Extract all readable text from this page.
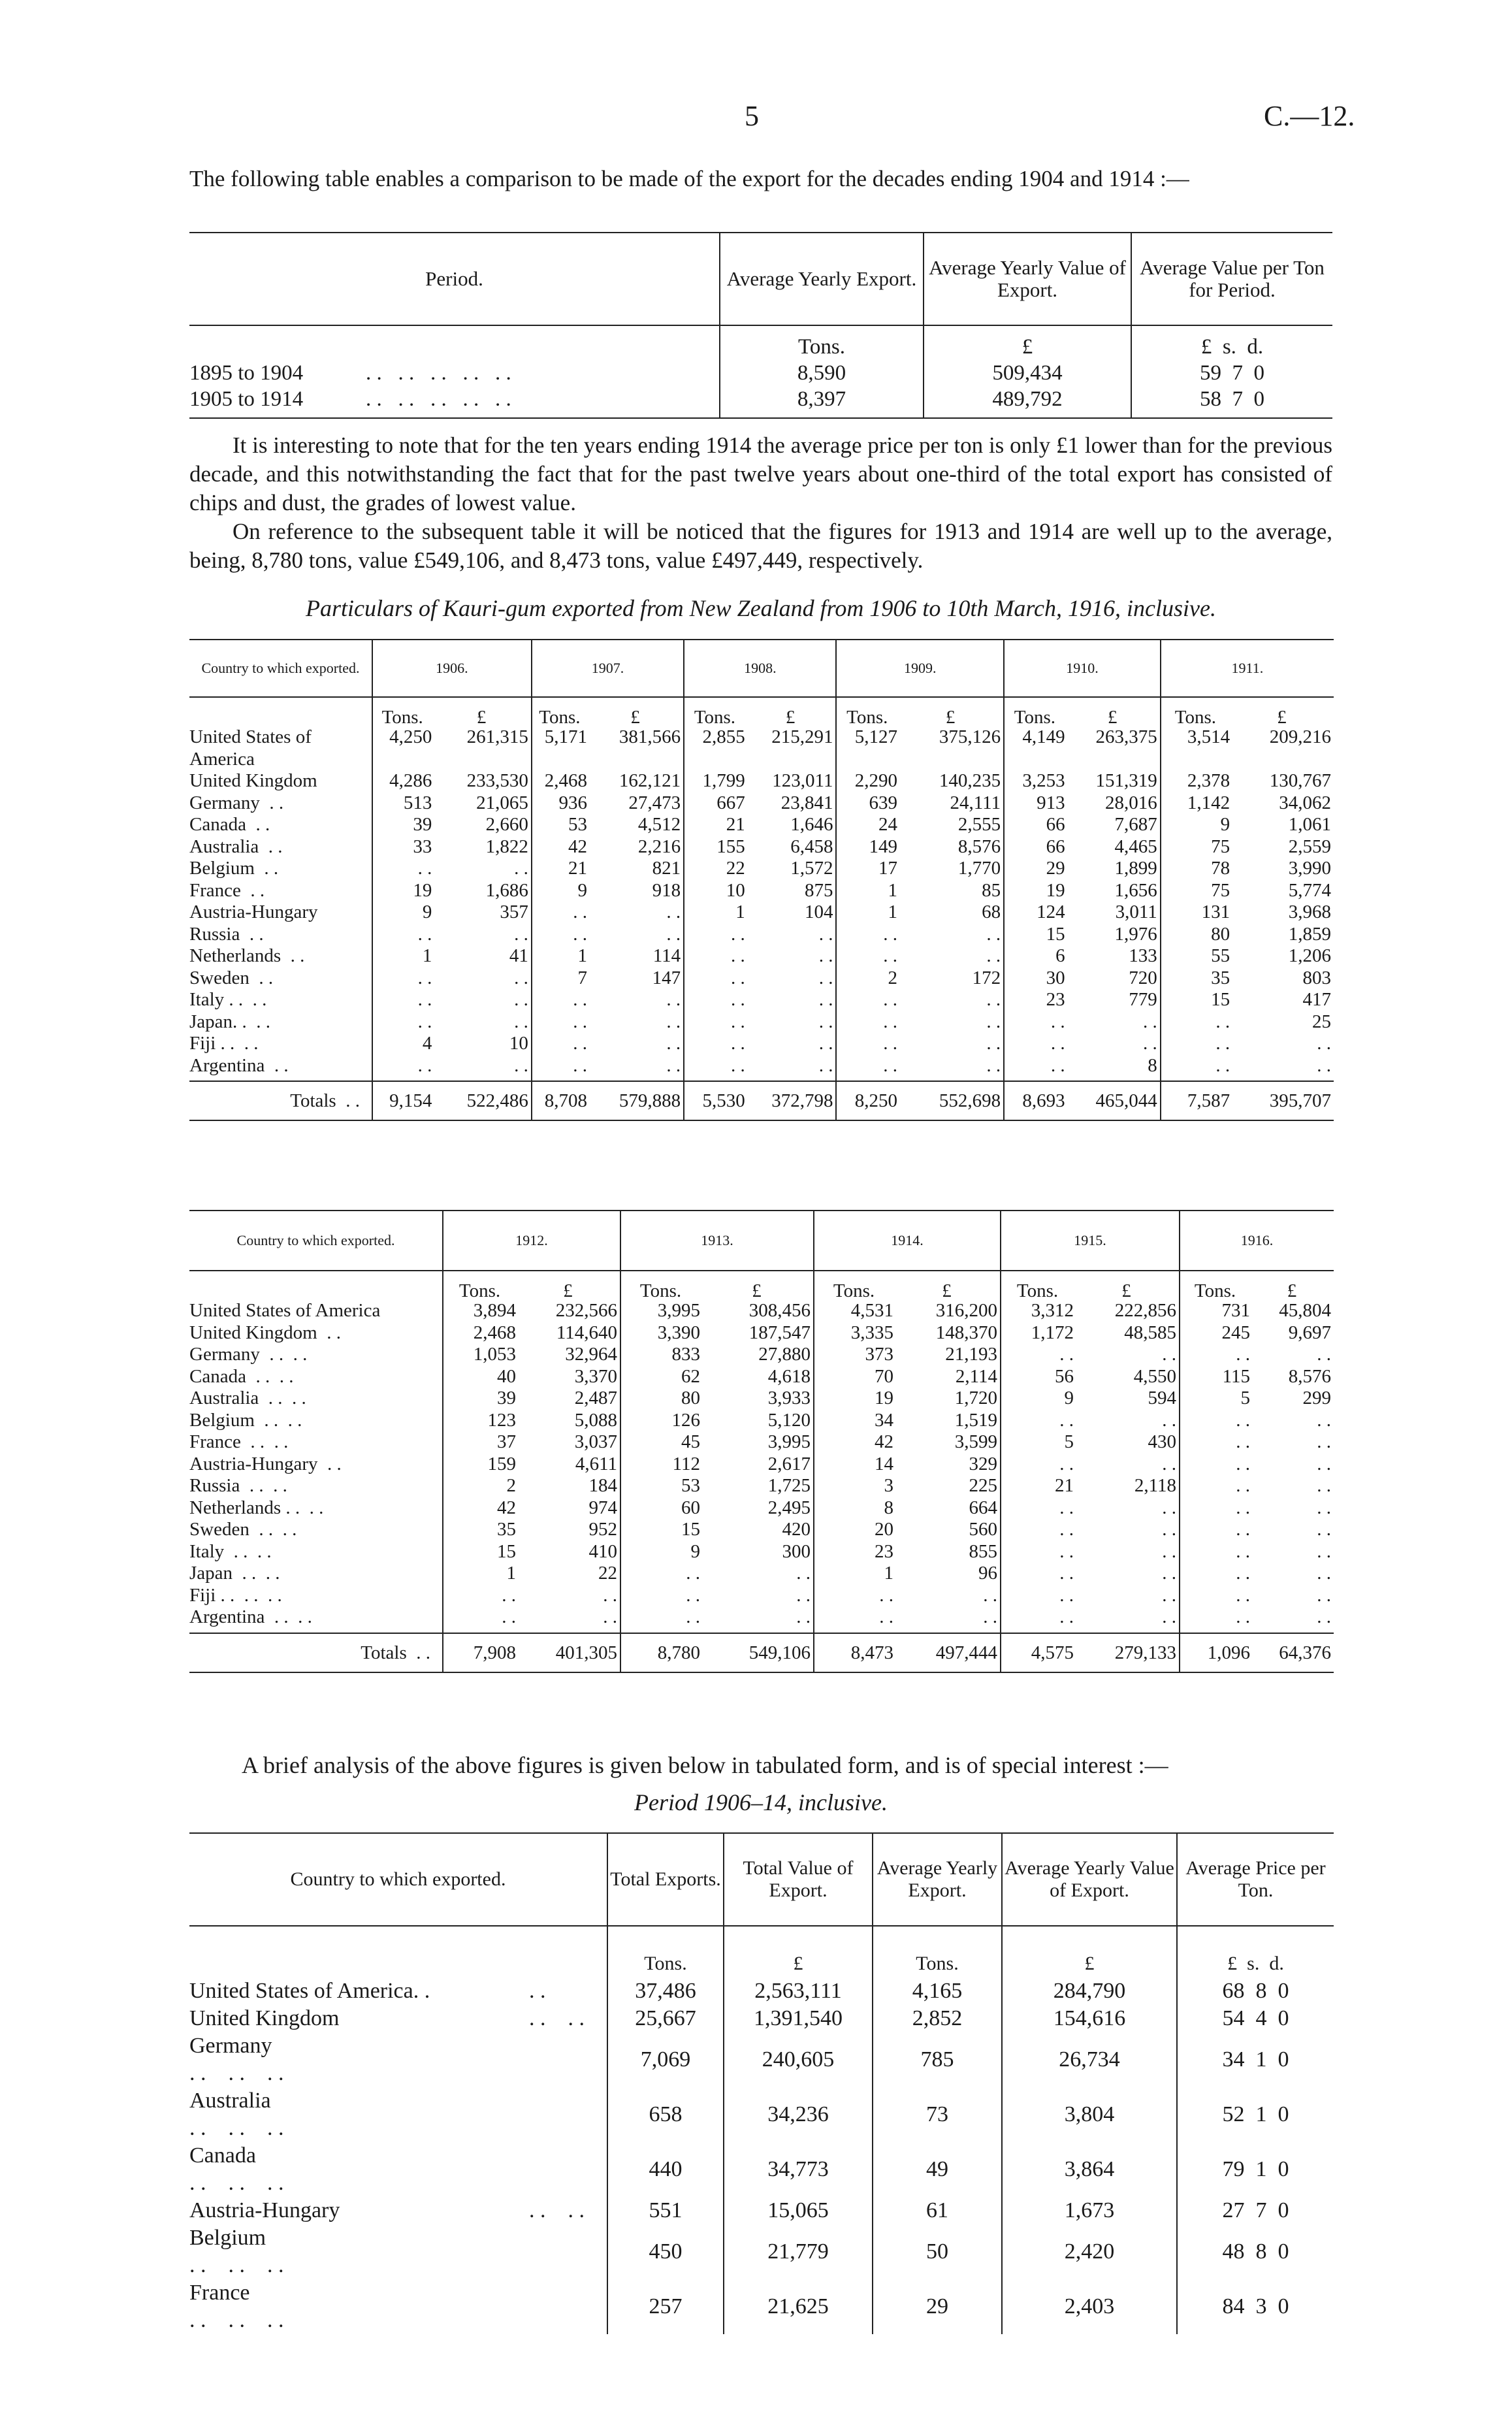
5	C.—12.
The following table enables a comparison to be made of the export for the decades ending 1904 and 1914 :—
Period.	Average Yearly Export.	Average Yearly Value of Export.	Average Value per Ton for Period.
	Tons.	£	£  s.  d.
1895 to 1904 . .   . .   . .   . .   . .	8,590	509,434	59  7  0
1905 to 1914 . .   . .   . .   . .   . .	8,397	489,792	58  7  0
It is interesting to note that for the ten years ending 1914 the average price per ton is only £1 lower than for the previous decade, and this notwithstanding the fact that for the past twelve years about one-third of the total export has consisted of chips and dust, the grades of lowest value.
On reference to the subsequent table it will be noticed that the figures for 1913 and 1914 are well up to the average, being, 8,780 tons, value £549,106, and 8,473 tons, value £497,449, respectively.
Particulars of Kauri-gum exported from New Zealand from 1906 to 10th March, 1916, inclusive.
Country to which exported.	1906.		1907.		1908.		1909.		1910.		1911.	
	Tons.	£	Tons.	£	Tons.	£	Tons.	£	Tons.	£	Tons.	£
United States of	4,250	261,315	5,171	381,566	2,855	215,291	5,127	375,126	4,149	263,375	3,514	209,216
America												
United Kingdom	4,286	233,530	2,468	162,121	1,799	123,011	2,290	140,235	3,253	151,319	2,378	130,767
Germany  . .	513	21,065	936	27,473	667	23,841	639	24,111	913	28,016	1,142	34,062
Canada  . .	39	2,660	53	4,512	21	1,646	24	2,555	66	7,687	9	1,061
Australia  . .	33	1,822	42	2,216	155	6,458	149	8,576	66	4,465	75	2,559
Belgium  . .	. .	. .	21	821	22	1,572	17	1,770	29	1,899	78	3,990
France  . .	19	1,686	9	918	10	875	1	85	19	1,656	75	5,774
Austria-Hungary	9	357	. .	. .	1	104	1	68	124	3,011	131	3,968
Russia  . .	. .	. .	. .	. .	. .	. .	. .	. .	15	1,976	80	1,859
Netherlands  . .	1	41	1	114	. .	. .	. .	. .	6	133	55	1,206
Sweden  . .	. .	. .	7	147	. .	. .	2	172	30	720	35	803
Italy . .  . .	. .	. .	. .	. .	. .	. .	. .	. .	23	779	15	417
Japan. .  . .	. .	. .	. .	. .	. .	. .	. .	. .	. .	. .	. .	25
Fiji . .  . .	4	10	. .	. .	. .	. .	. .	. .	. .	. .	. .	. .
Argentina  . .	. .	. .	. .	. .	. .	. .	. .	. .	. .	8	. .	. .

Totals  . .	9,154	522,486	8,708	579,888	5,530	372,798	8,250	552,698	8,693	465,044	7,587	395,707
Country to which exported.	1912.		1913.		1914.		1915.		1916.	
	Tons.	£	Tons.	£	Tons.	£	Tons.	£	Tons.	£
United States of America	3,894	232,566	3,995	308,456	4,531	316,200	3,312	222,856	731	45,804
United Kingdom  . .	2,468	114,640	3,390	187,547	3,335	148,370	1,172	48,585	245	9,697
Germany  . .  . .	1,053	32,964	833	27,880	373	21,193	. .	. .	. .	. .
Canada  . .  . .	40	3,370	62	4,618	70	2,114	56	4,550	115	8,576
Australia  . .  . .	39	2,487	80	3,933	19	1,720	9	594	5	299
Belgium  . .  . .	123	5,088	126	5,120	34	1,519	. .	. .	. .	. .
France  . .  . .	37	3,037	45	3,995	42	3,599	5	430	. .	. .
Austria-Hungary  . .	159	4,611	112	2,617	14	329	. .	. .	. .	. .
Russia  . .  . .	2	184	53	1,725	3	225	21	2,118	. .	. .
Netherlands . .  . .	42	974	60	2,495	8	664	. .	. .	. .	. .
Sweden  . .  . .	35	952	15	420	20	560	. .	. .	. .	. .
Italy  . .  . .	15	410	9	300	23	855	. .	. .	. .	. .
Japan  . .  . .	1	22	. .	. .	1	96	. .	. .	. .	. .
Fiji . .  . .  . .	. .	. .	. .	. .	. .	. .	. .	. .	. .	. .
Argentina  . .  . .	. .	. .	. .	. .	. .	. .	. .	. .	. .	. .

Totals  . .	7,908	401,305	8,780	549,106	8,473	497,444	4,575	279,133	1,096	64,376
A brief analysis of the above figures is given below in tabulated form, and is of special interest :—
Period 1906–14, inclusive.
Country to which exported.	Total Exports.	Total Value of Export.	Average Yearly Export.	Average Yearly Value of Export.	Average Price per Ton.
	Tons.	£	Tons.	£	£  s.  d.
United States of America. . . .	37,486	2,563,111	4,165	284,790	68  8  0
United Kingdom . .    . .	25,667	1,391,540	2,852	154,616	54  4  0
Germany. .    . .    . .	7,069	240,605	785	26,734	34  1  0
Australia. .    . .    . .	658	34,236	73	3,804	52  1  0
Canada. .    . .    . .	440	34,773	49	3,864	79  1  0
Austria-Hungary . .    . .	551	15,065	61	1,673	27  7  0
Belgium. .    . .    . .	450	21,779	50	2,420	48  8  0
France. .    . .    . .	257	21,625	29	2,403	84  3  0
